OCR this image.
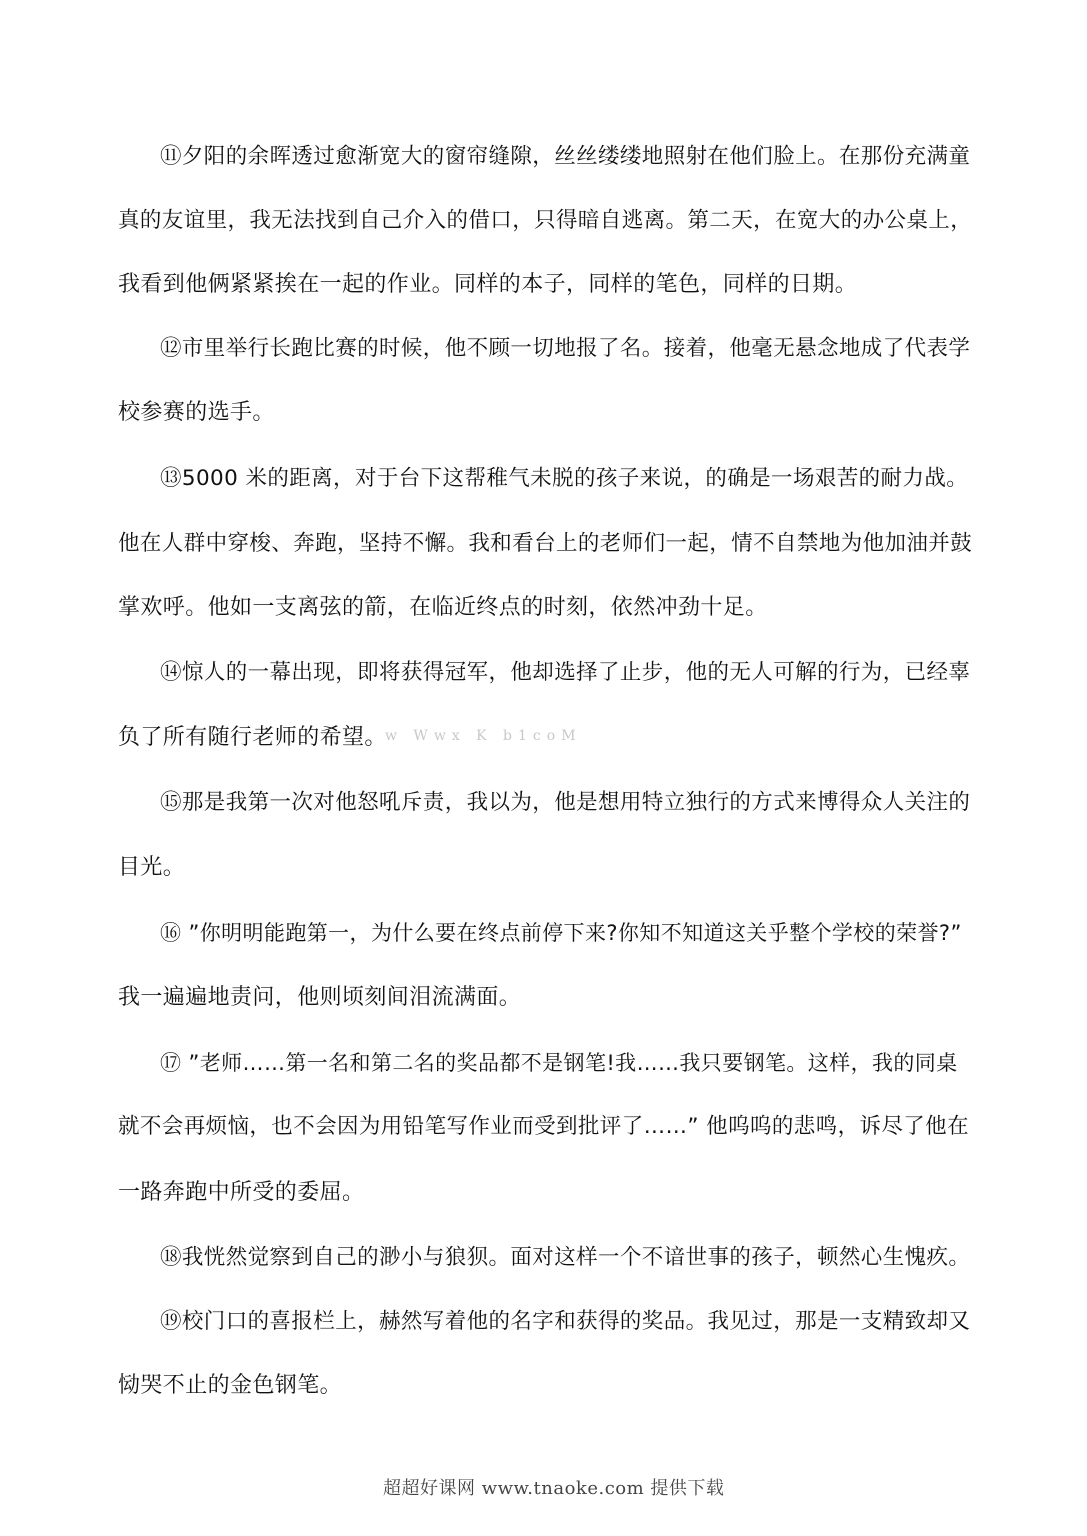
⑪夕阳的余晖透过愈渐宽大的窗帘缝隙，丝丝缕缕地照射在他们脸上。在那份充满童
真的友谊里，我无法找到自己介入的借口，只得暗自逃离。第二天，在宽大的办公桌上，
我看到他俩紧紧挨在一起的作业。同样的本子，同样的笔色，同样的日期。
⑫市里举行长跑比赛的时候，他不顾一切地报了名。接着，他毫无悬念地成了代表学
校参赛的选手。
⑬5000 米的距离，对于台下这帮稚气未脱的孩子来说，的确是一场艰苦的耐力战。
他在人群中穿梭、奔跑，坚持不懈。我和看台上的老师们一起，情不自禁地为他加油并鼓
掌欢呼。他如一支离弦的箭，在临近终点的时刻，依然冲劲十足。
⑭惊人的一幕出现，即将获得冠军，他却选择了止步，他的无人可解的行为，已经辜
负了所有随行老师的希望。
w Wwx K b1coM
⑮那是我第一次对他怒吼斥责，我以为，他是想用特立独行的方式来博得众人关注的
目光。
⑯ ”你明明能跑第一，为什么要在终点前停下来?你知不知道这关乎整个学校的荣誉?”
我一遍遍地责问，他则顷刻间泪流满面。
⑰ ”老师……第一名和第二名的奖品都不是钢笔!我……我只要钢笔。这样，我的同桌
就不会再烦恼，也不会因为用铅笔写作业而受到批评了……” 他呜呜的悲鸣，诉尽了他在
一路奔跑中所受的委屈。
⑱我恍然觉察到自己的渺小与狼狈。面对这样一个不谙世事的孩子，顿然心生愧疚。
⑲校门口的喜报栏上，赫然写着他的名字和获得的奖品。我见过，那是一支精致却又
恸哭不止的金色钢笔。
超超好课网 www.tnaoke.com 提供下载
